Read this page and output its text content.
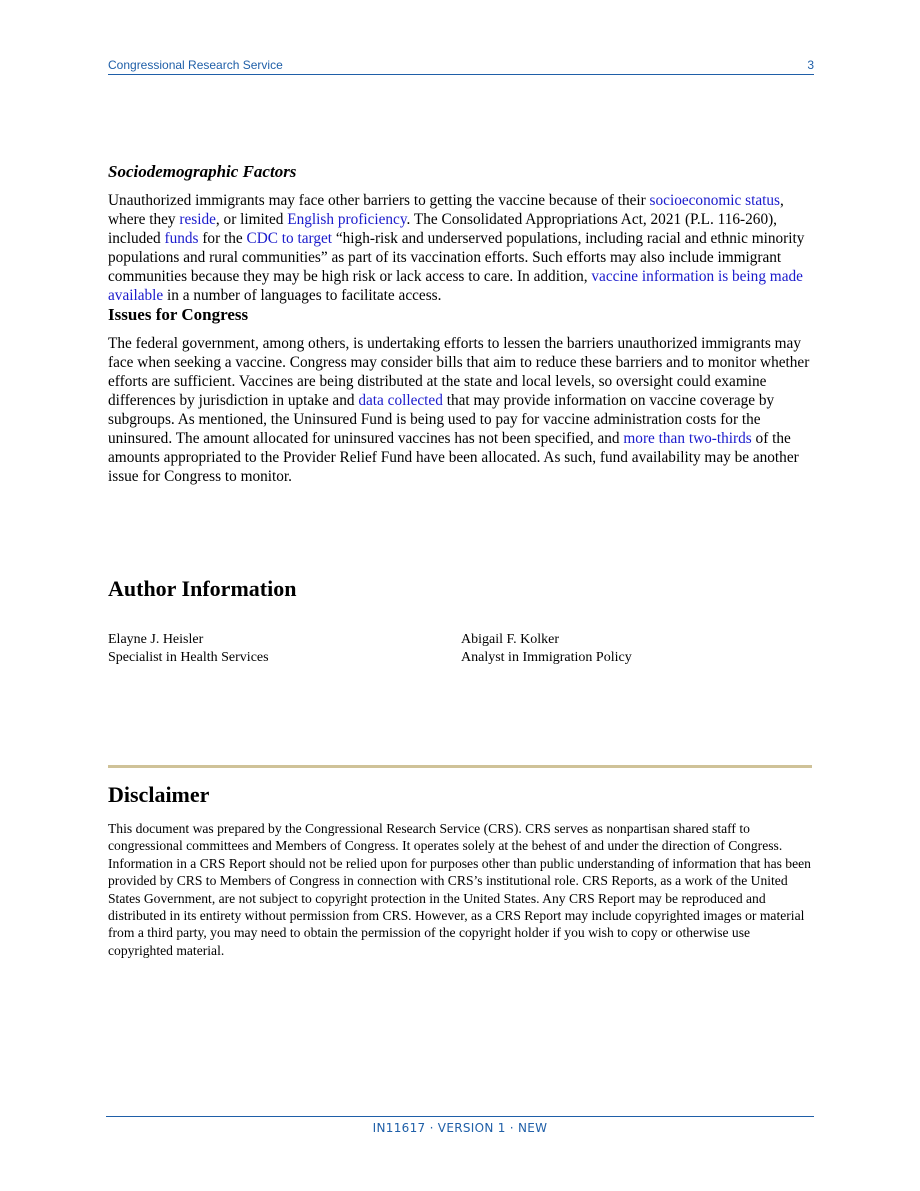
Congressional Research Service	3
Sociodemographic Factors

Unauthorized immigrants may face other barriers to getting the vaccine because of their socioeconomic status, where they reside, or limited English proficiency. The Consolidated Appropriations Act, 2021 (P.L. 116-260), included funds for the CDC to target “high-risk and underserved populations, including racial and ethnic minority populations and rural communities” as part of its vaccination efforts. Such efforts may also include immigrant communities because they may be high risk or lack access to care. In addition, vaccine information is being made available in a number of languages to facilitate access.

Issues for Congress

The federal government, among others, is undertaking efforts to lessen the barriers unauthorized immigrants may face when seeking a vaccine. Congress may consider bills that aim to reduce these barriers and to monitor whether efforts are sufficient. Vaccines are being distributed at the state and local levels, so oversight could examine differences by jurisdiction in uptake and data collected that may provide information on vaccine coverage by subgroups. As mentioned, the Uninsured Fund is being used to pay for vaccine administration costs for the uninsured. The amount allocated for uninsured vaccines has not been specified, and more than two-thirds of the amounts appropriated to the Provider Relief Fund have been allocated. As such, fund availability may be another issue for Congress to monitor.

Author Information
Elayne J. Heisler
Specialist in Health Services
Abigail F. Kolker
Analyst in Immigration Policy
Disclaimer

This document was prepared by the Congressional Research Service (CRS). CRS serves as nonpartisan shared staff to congressional committees and Members of Congress. It operates solely at the behest of and under the direction of Congress. Information in a CRS Report should not be relied upon for purposes other than public understanding of information that has been provided by CRS to Members of Congress in connection with CRS’s institutional role. CRS Reports, as a work of the United States Government, are not subject to copyright protection in the United States. Any CRS Report may be reproduced and distributed in its entirety without permission from CRS. However, as a CRS Report may include copyrighted images or material from a third party, you may need to obtain the permission of the copyright holder if you wish to copy or otherwise use copyrighted material.

IN11617 · VERSION 1 · NEW
